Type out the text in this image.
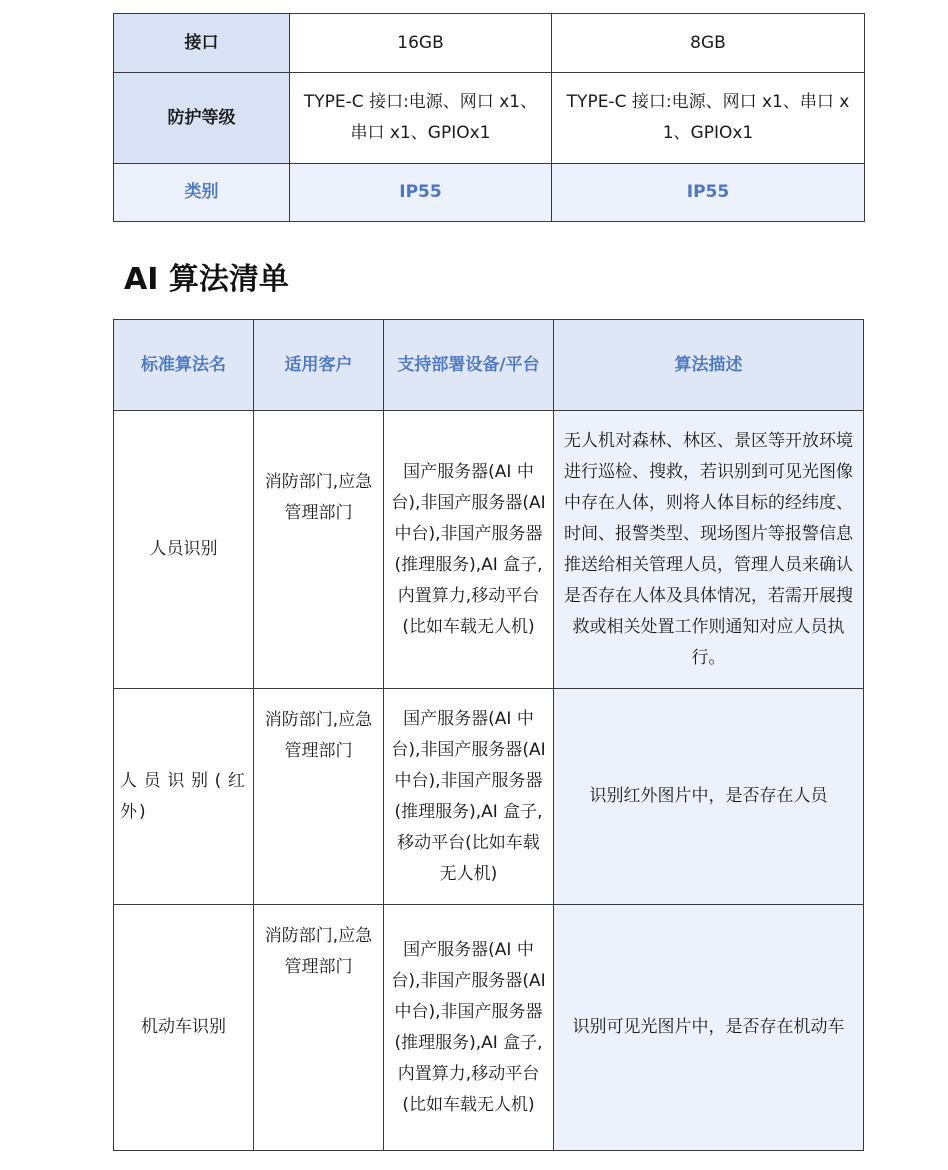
接口	16GB	8GB
防护等级	TYPE-C 接口:电源、网口 x1、串口 x1、GPIOx1	TYPE-C 接口:电源、网口 x1、串口 x1、GPIOx1
类别	IP55	IP55
AI 算法清单
标准算法名	适用客户	支持部署设备/平台	算法描述
人员识别	消防部门,应急管理部门	国产服务器(AI 中台),非国产服务器(AI 中台),非国产服务器(推理服务),AI 盒子,内置算力,移动平台(比如车载无人机)	无人机对森林、林区、景区等开放环境进行巡检、搜救，若识别到可见光图像中存在人体，则将人体目标的经纬度、时间、报警类型、现场图片等报警信息推送给相关管理人员，管理人员来确认是否存在人体及具体情况，若需开展搜救或相关处置工作则通知对应人员执行。
人员识别(红外)	消防部门,应急管理部门	国产服务器(AI 中台),非国产服务器(AI 中台),非国产服务器(推理服务),AI 盒子,移动平台(比如车载无人机)	识别红外图片中，是否存在人员
机动车识别	消防部门,应急管理部门	国产服务器(AI 中台),非国产服务器(AI 中台),非国产服务器(推理服务),AI 盒子,内置算力,移动平台(比如车载无人机)	识别可见光图片中，是否存在机动车
